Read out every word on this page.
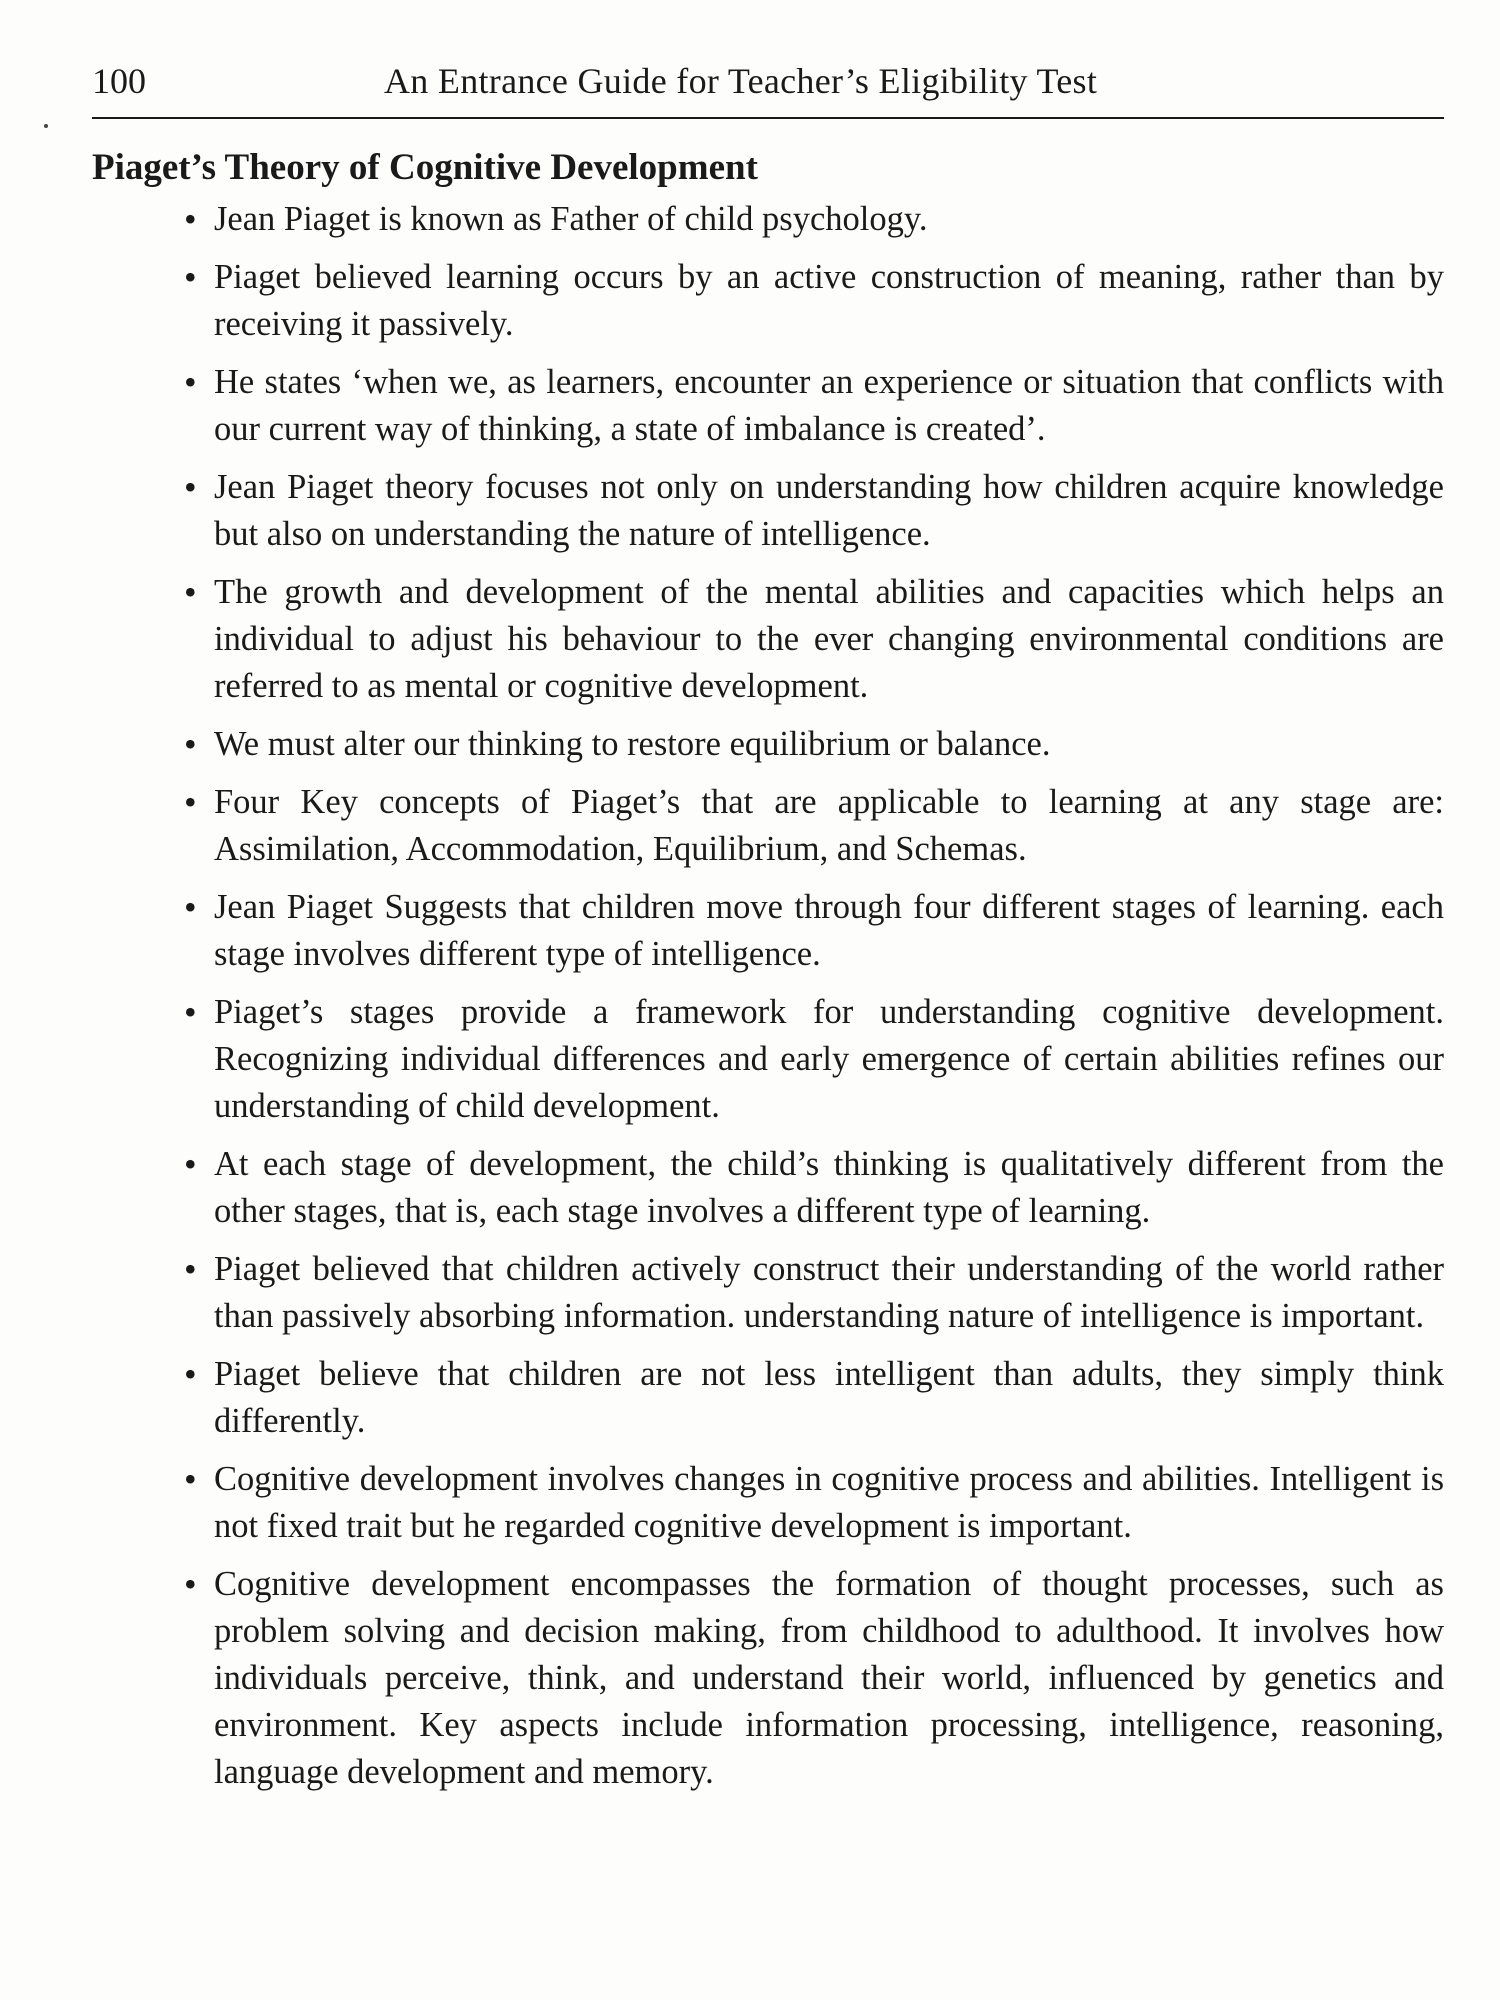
100	An Entrance Guide for Teacher’s Eligibility Test
Piaget’s Theory of Cognitive Development
• Jean Piaget is known as Father of child psychology.
• Piaget believed learning occurs by an active construction of meaning, rather than by receiving it passively.
• He states ‘when we, as learners, encounter an experience or situation that conflicts with our current way of thinking, a state of imbalance is created’.
• Jean Piaget theory focuses not only on understanding how children acquire knowledge but also on understanding the nature of intelligence.
• The growth and development of the mental abilities and capacities which helps an individual to adjust his behaviour to the ever changing environmental conditions are referred to as mental or cognitive development.
• We must alter our thinking to restore equilibrium or balance.
• Four Key concepts of Piaget’s that are applicable to learning at any stage are: Assimilation, Accommodation, Equilibrium, and Schemas.
• Jean Piaget Suggests that children move through four different stages of learning. each stage involves different type of intelligence.
• Piaget’s stages provide a framework for understanding cognitive development. Recognizing individual differences and early emergence of certain abilities refines our understanding of child development.
• At each stage of development, the child’s thinking is qualitatively different from the other stages, that is, each stage involves a different type of learning.
• Piaget believed that children actively construct their understanding of the world rather than passively absorbing information. understanding nature of intelligence is important.
• Piaget believe that children are not less intelligent than adults, they simply think differently.
• Cognitive development involves changes in cognitive process and abilities. Intelligent is not fixed trait but he regarded cognitive development is important.
• Cognitive development encompasses the formation of thought processes, such as problem solving and decision making, from childhood to adulthood. It involves how individuals perceive, think, and understand their world, influenced by genetics and environment. Key aspects include information processing, intelligence, reasoning, language development and memory.
